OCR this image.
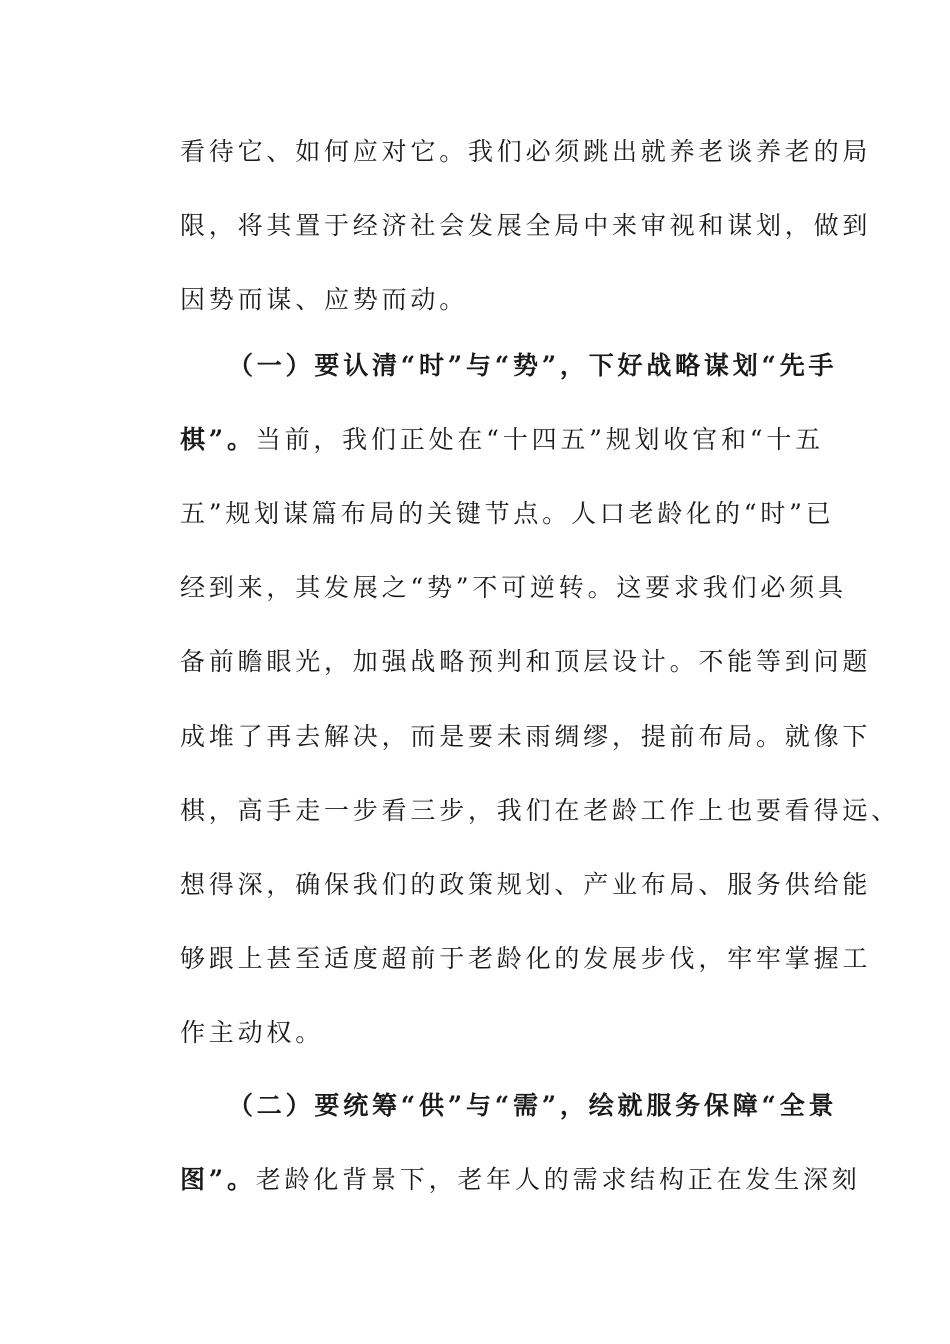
看待它、如何应对它。我们必须跳出就养老谈养老的局
限，将其置于经济社会发展全局中来审视和谋划，做到
因势而谋、应势而动。
（一）要认清“时”与“势”，下好战略谋划“先手
棋”。当前，我们正处在“十四五”规划收官和“十五
五”规划谋篇布局的关键节点。人口老龄化的“时”已
经到来，其发展之“势”不可逆转。这要求我们必须具
备前瞻眼光，加强战略预判和顶层设计。不能等到问题
成堆了再去解决，而是要未雨绸缪，提前布局。就像下
棋，高手走一步看三步，我们在老龄工作上也要看得远、
想得深，确保我们的政策规划、产业布局、服务供给能
够跟上甚至适度超前于老龄化的发展步伐，牢牢掌握工
作主动权。
（二）要统筹“供”与“需”，绘就服务保障“全景
图”。老龄化背景下，老年人的需求结构正在发生深刻
